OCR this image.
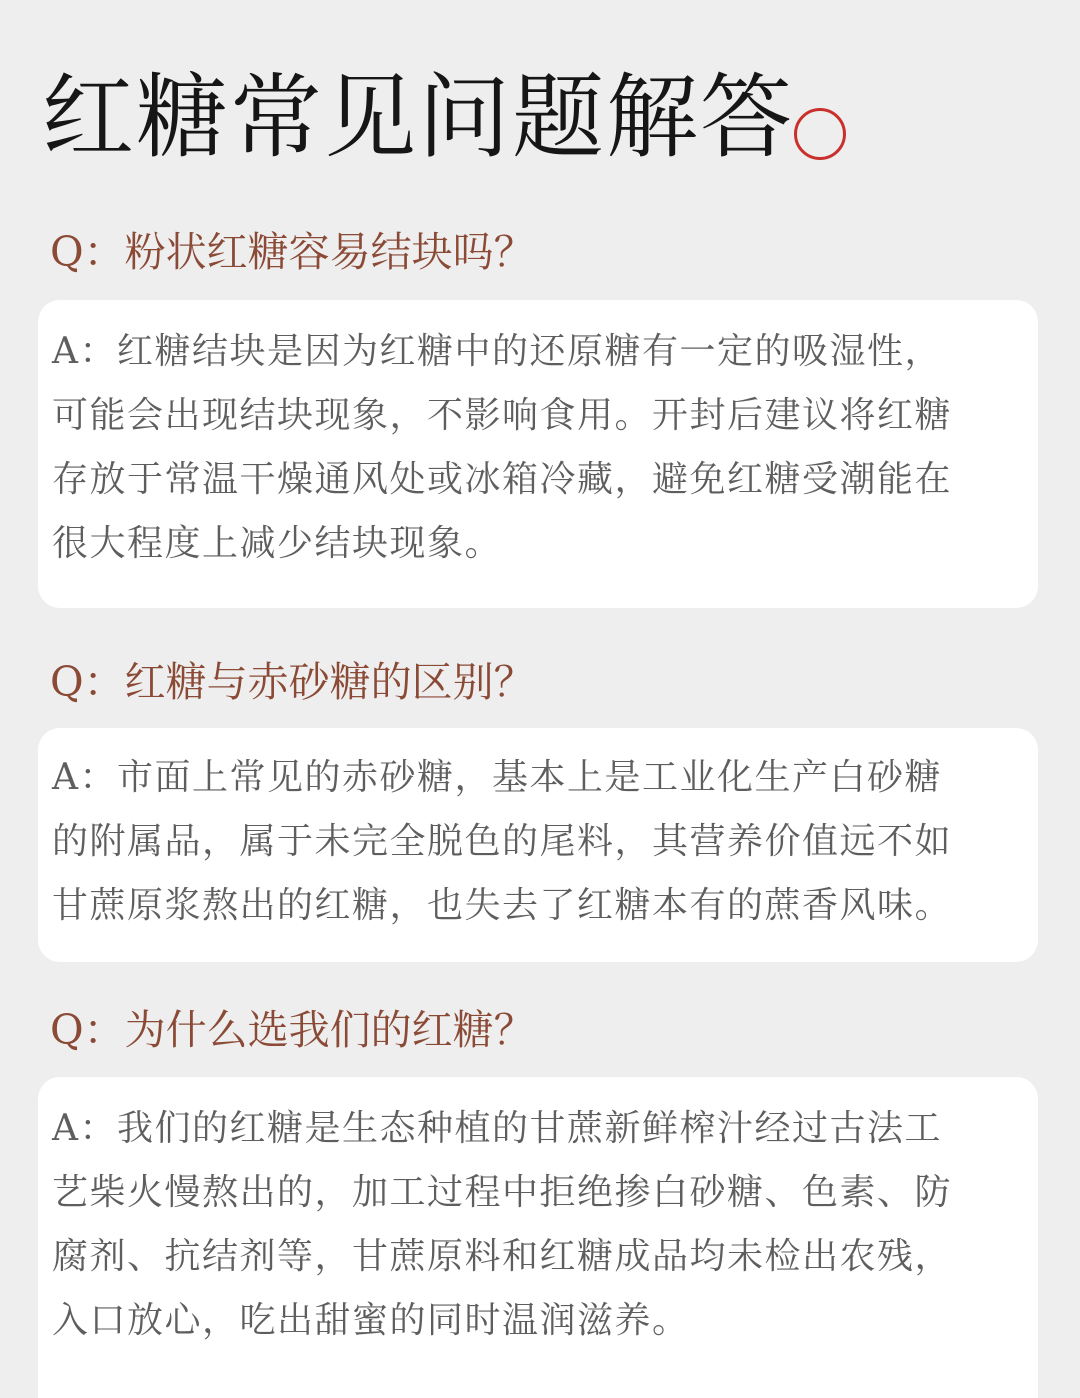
红糖常见问题解答
Q：粉状红糖容易结块吗？
A：红糖结块是因为红糖中的还原糖有一定的吸湿性，
可能会出现结块现象，不影响食用。开封后建议将红糖
存放于常温干燥通风处或冰箱冷藏，避免红糖受潮能在
很大程度上减少结块现象。
Q：红糖与赤砂糖的区别？
A：市面上常见的赤砂糖，基本上是工业化生产白砂糖
的附属品，属于未完全脱色的尾料，其营养价值远不如
甘蔗原浆熬出的红糖，也失去了红糖本有的蔗香风味。
Q：为什么选我们的红糖？
A：我们的红糖是生态种植的甘蔗新鲜榨汁经过古法工
艺柴火慢熬出的，加工过程中拒绝掺白砂糖、色素、防
腐剂、抗结剂等，甘蔗原料和红糖成品均未检出农残，
入口放心，吃出甜蜜的同时温润滋养。
